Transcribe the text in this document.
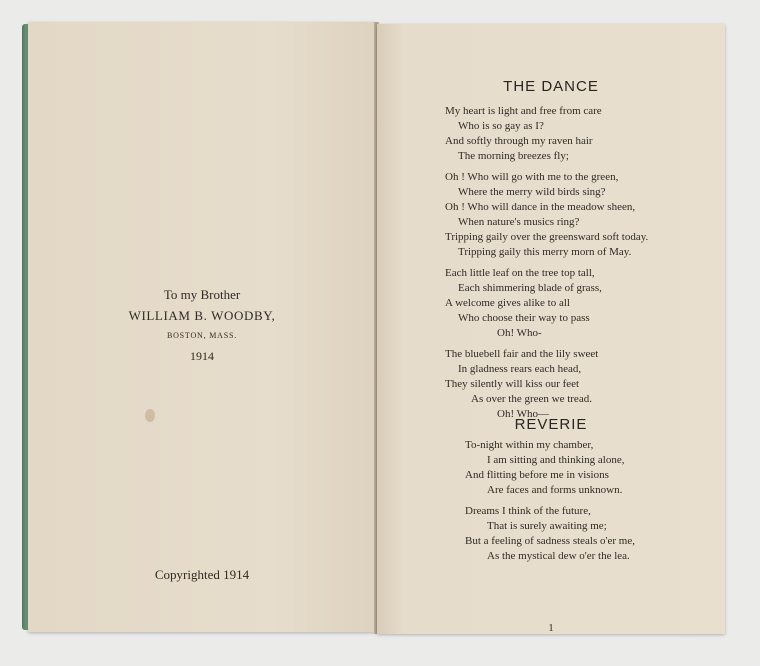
To my Brother
WILLIAM B. WOODBY,
BOSTON, MASS.
1914
Copyrighted 1914
THE DANCE
My heart is light and free from care
Who is so gay as I?
And softly through my raven hair
The morning breezes fly;
Oh ! Who will go with me to the green,
Where the merry wild birds sing?
Oh ! Who will dance in the meadow sheen,
When nature's musics ring?
Tripping gaily over the greensward soft today.
Tripping gaily this merry morn of May.
Each little leaf on the tree top tall,
Each shimmering blade of grass,
A welcome gives alike to all
Who choose their way to pass
Oh! Who-
The bluebell fair and the lily sweet
In gladness rears each head,
They silently will kiss our feet
As over the green we tread.
Oh! Who—
REVERIE
To-night within my chamber,
I am sitting and thinking alone,
And flitting before me in visions
Are faces and forms unknown.
Dreams I think of the future,
That is surely awaiting me;
But a feeling of sadness steals o'er me,
As the mystical dew o'er the lea.
1
